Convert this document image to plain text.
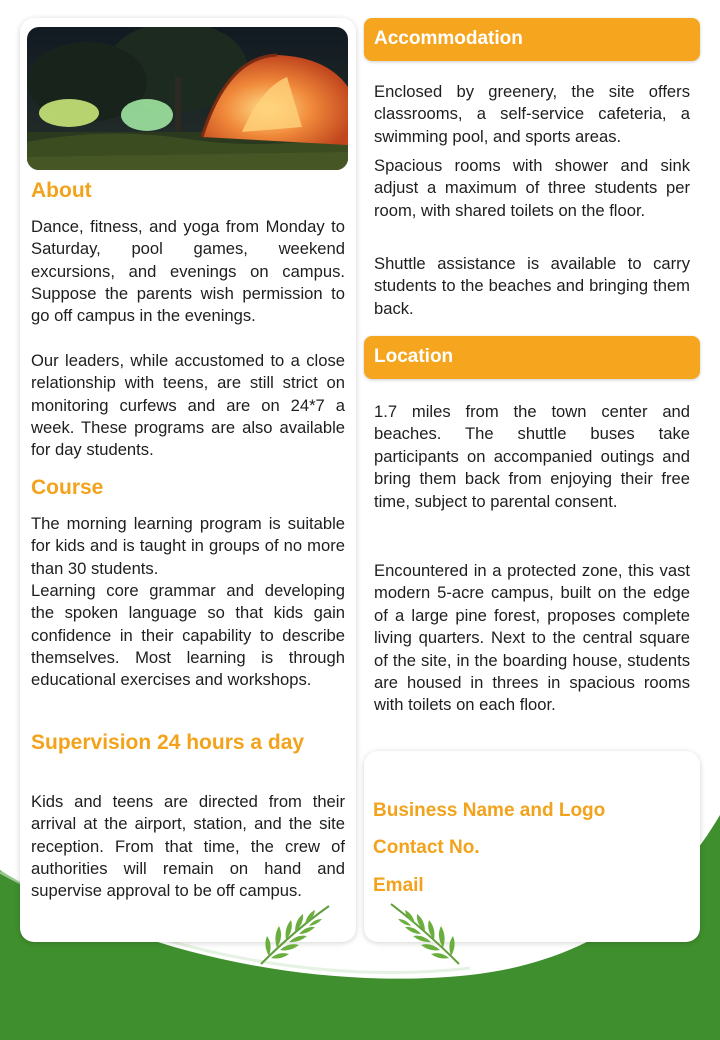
About

Dance, fitness, and yoga from Monday to Saturday, pool games, weekend excursions, and evenings on campus. Suppose the parents wish permission to go off campus in the evenings.

Our leaders, while accustomed to a close relationship with teens, are still strict on monitoring curfews and are on 24*7 a week. These programs are also available for day students.

Course

The morning learning program is suitable for kids and is taught in groups of no more than 30 students.

Learning core grammar and developing the spoken language so that kids gain confidence in their capability to describe themselves. Most learning is through educational exercises and workshops.

Supervision 24 hours a day

Kids and teens are directed from their arrival at the airport, station, and the site reception. From that time, the crew of authorities will remain on hand and supervise approval to be off campus.

Accommodation

Enclosed by greenery, the site offers classrooms, a self-service cafeteria, a swimming pool, and sports areas.

Spacious rooms with shower and sink adjust a maximum of three students per room, with shared toilets on the floor.

Shuttle assistance is available to carry students to the beaches and bringing them back.

Location

1.7 miles from the town center and beaches. The shuttle buses take participants on accompanied outings and bring them back from enjoying their free time, subject to parental consent.

Encountered in a protected zone, this vast modern 5-acre campus, built on the edge of a large pine forest, proposes complete living quarters. Next to the central square of the site, in the boarding house, students are housed in threes in spacious rooms with toilets on each floor.

Business Name and Logo
Contact No.
Email
